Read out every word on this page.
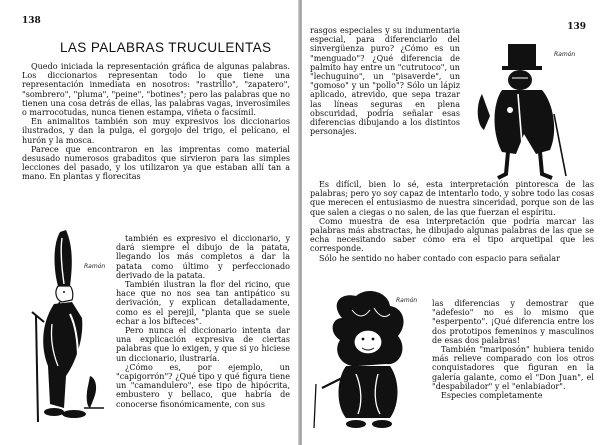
138
LAS PALABRAS TRUCULENTAS

Quedo iniciada la representación gráfica de algunas palabras. Los diccionarios representan todo lo que tiene una representación inmediata en nosotros: "rastrillo", "zapatero", "sombrero", "pluma", "peine", "botines"; pero las palabras que no tienen una cosa detrás de ellas, las palabras vagas, inverosímiles o marrocotudas, nunca tienen estampa, viñeta o facsímil.

En animalitos también son muy expresivos los diccionarios ilustrados, y dan la pulga, el gorgojo del trigo, el pelícano, el hurón y la mosca.

Parece que encontraron en las imprentas como material desusado numerosos grabaditos que sirvieron para las simples lecciones del pasado, y los utilizaron ya que estaban allí tan a mano. En plantas y florecitas

Ramón

también es expresivo el diccionario, y dará siempre el dibujo de la patata, llegando los más completos a dar la patata como último y perfeccionado derivado de la patata.

También ilustran la flor del ricino, que hace que no nos sea tan antipático su derivación, y explican detalladamente, como es el perejil, "planta que se suele echar a los bifteces".

Pero nunca el diccionario intenta dar una explicación expresiva de ciertas palabras que lo exigen, y que si yo hiciese un diccionario, ilustraría.

¿Cómo es, por ejemplo, un "capigorrón"? ¿Qué tipo y qué figura tiene un "camandulero", ese tipo de hipócrita, embustero y bellaco, que habría de conocerse fisonómicamente, con sus

139

rasgos especiales y su indumentaria especial, para diferenciarlo del sinvergüenza puro? ¿Cómo es un "menguado"? ¿Qué diferencia de palmito hay entre un "cutrutoco", un "lechuguino", un "pisaverde", un "gomoso" y un "pollo"? Sólo un lápiz aplicado, atrevido, que sepa trazar las líneas seguras en plena obscuridad, podría señalar esas diferencias dibujando a los distintos personajes.

Ramón

Es difícil, bien lo sé, esta interpretación pintoresca de las palabras; pero yo soy capaz de intentarlo todo, y sobre todo las cosas que merecen el entusiasmo de nuestra sinceridad, porque son de las que salen a ciegas o no salen, de las que fuerzan el espíritu.

Como muestra de esa interpretación que podría marcar las palabras más abstractas, he dibujado algunas palabras de las que se echa necesitando saber cómo era el tipo arquetipal que les corresponde.

Sólo he sentido no haber contado con espacio para señalar

Ramón las diferencias y demostrar que "adefesio" no es lo mismo que "esperpento". ¡Qué diferencia entre los dos prototipos femeninos y masculinos de esas dos palabras!

También "mariposón" hubiera tenido más relieve comparado con los otros conquistadores que figuran en la galería galante, como el "Don Juan", el "despabilador" y el "enlabiador".

Especies completamente
